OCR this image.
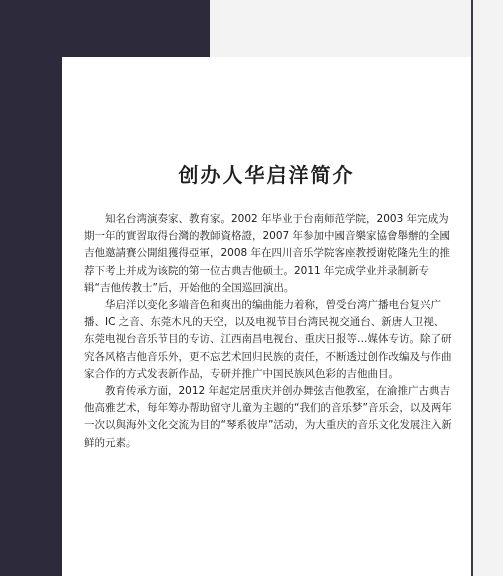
创办人华启洋简介

知名台湾演奏家、教育家。2002 年毕业于台南师范学院，2003 年完成为期一年的實習取得台灣的教師資格證，2007 年参加中國音樂家協會舉辦的全國吉他邀請賽公開組獲得亞軍，2008 年在四川音乐学院客座教授谢乾隆先生的推荐下考上并成为该院的第一位古典吉他硕士。2011 年完成学业并录制新专辑“吉他传教士”后，开始他的全国巡回演出。

华启洋以变化多端音色和爽出的编曲能力着称，曾受台湾广播电台复兴广播、IC 之音、东莞木凡的天空，以及电视节目台湾民视交通台、新唐人卫视、东莞电视台音乐节目的专访、江西南昌电视台、重庆日报等…媒体专访。除了研究各风格吉他音乐外，更不忘艺术回归民族的责任，不断透过创作改编及与作曲家合作的方式发表新作品，专研并推广中国民族风色彩的吉他曲目。

教育传承方面，2012 年起定居重庆并创办舞弦吉他教室，在渝推广古典吉他高雅艺术，每年筹办帮助留守儿童为主题的“我们的音乐梦”音乐会，以及两年一次以與海外文化交流为目的“琴系彼岸”活动，为大重庆的音乐文化发展注入新鲜的元素。
